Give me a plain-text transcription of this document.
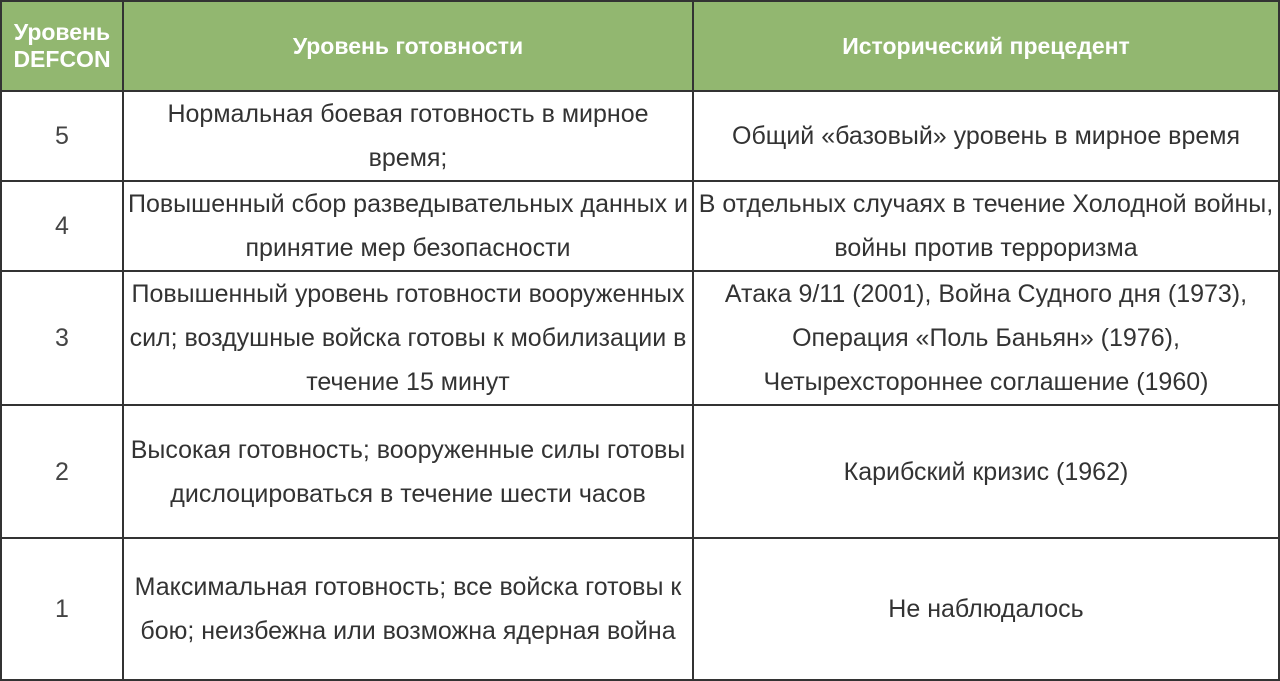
Уровень DEFCON	Уровень готовности	Исторический прецедент
5	Нормальная боевая готовность в мирное время;	Общий «базовый» уровень в мирное время
4	Повышенный сбор разведывательных данных и принятие мер безопасности	В отдельных случаях в течение Холодной войны, войны против терроризма
3	Повышенный уровень готовности вооруженных сил; воздушные войска готовы к мобилизации в течение 15 минут	Атака 9/11 (2001), Война Судного дня (1973), Операция «Поль Баньян» (1976), Четырехстороннее соглашение (1960)
2	Высокая готовность; вооруженные силы готовы дислоцироваться в течение шести часов	Карибский кризис (1962)
1	Максимальная готовность; все войска готовы к бою; неизбежна или возможна ядерная война	Не наблюдалось
